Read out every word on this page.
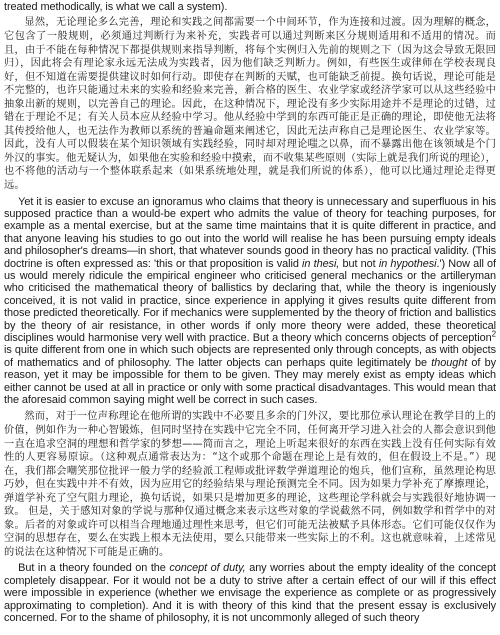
treated methodically, is what we call a system).

显然，无论理论多么完善，理论和实践之间都需要一个中间环节，作为连接和过渡。因为理解的概念，它包含了一般规则，必须通过判断行为来补充，实践者可以通过判断来区分规则适用和不适用的情况。而且，由于不能在每种情况下都提供规则来指导判断，将每个实例归入先前的规则之下（因为这会导致无限回归），因此将会有理论家永远无法成为实践者，因为他们缺乏判断力。例如，有些医生或律师在学校表现良好，但不知道在需要提供建议时如何行动。即使存在判断的天赋，也可能缺乏前提。换句话说，理论可能是不完整的，也许只能通过未来的实验和经验来完善，新合格的医生、农业学家或经济学家可以从这些经验中抽象出新的规则，以完善自己的理论。因此，在这种情况下，理论没有多少实际用途并不是理论的过错，过错在于理论不足；有关人员本应从经验中学习。他从经验中学到的东西可能正是正确的理论，即使他无法将其传授给他人，也无法作为教师以系统的普遍命题来阐述它，因此无法声称自己是理论医生、农业学家等。因此，没有人可以假装在某个知识领域有实践经验，同时却对理论嗤之以鼻，而不暴露出他在该领域是个门外汉的事实。他无疑认为，如果他在实验和经验中摸索，而不收集某些原则（实际上就是我们所说的理论），也不将他的活动与一个整体联系起来（如果系统地处理，就是我们所说的体系），他可以比通过理论走得更远。

Yet it is easier to excuse an ignoramus who claims that theory is unnecessary and superfluous in his supposed practice than a would-be expert who admits the value of theory for teaching purposes, for example as a mental exercise, but at the same time maintains that it is quite different in practice, and that anyone leaving his studies to go out into the world will realise he has been pursuing empty ideals and philosopher's dreams—in short, that whatever sounds good in theory has no practical validity. (This doctrine is often expressed as: 'this or that proposition is valid in thesi, but not in hypothesi.') Now all of us would merely ridicule the empirical engineer who criticised general mechanics or the artilleryman who criticised the mathematical theory of ballistics by declaring that, while the theory is ingeniously conceived, it is not valid in practice, since experience in applying it gives results quite different from those predicted theoretically. For if mechanics were supplemented by the theory of friction and ballistics by the theory of air resistance, in other words if only more theory were added, these theoretical disciplines would harmonise very well with practice. But a theory which concerns objects of perception$^2$ is quite different from one in which such objects are represented only through concepts, as with objects of mathematics and of philosophy. The latter objects can perhaps quite legitimately be thought of by reason, yet it may be impossible for them to be given. They may merely exist as empty ideas which either cannot be used at all in practice or only with some practical disadvantages. This would mean that the aforesaid common saying might well be correct in such cases.

然而，对于一位声称理论在他所谓的实践中不必要且多余的门外汉，要比那位承认理论在教学目的上的价值，例如作为一种心智锻炼，但同时坚持在实践中它完全不同，任何离开学习进入社会的人都会意识到他一直在追求空洞的理想和哲学家的梦想——简而言之，理论上听起来很好的东西在实践上没有任何实际有效性的人更容易原谅。（这种观点通常表达为：“这个或那个命题在理论上是有效的，但在假设上不是。”）现在，我们都会嘲笑那位批评一般力学的经验派工程师或批评数学弹道理论的炮兵，他们宣称，虽然理论构思巧妙，但在实践中并不有效，因为应用它的经验结果与理论预测完全不同。因为如果力学补充了摩擦理论，弹道学补充了空气阻力理论，换句话说，如果只是增加更多的理论，这些理论学科就会与实践很好地协调一致。 但是，关于感知对象的学说与那种仅通过概念来表示这些对象的学说截然不同，例如数学和哲学中的对象。后者的对象或许可以相当合理地通过理性来思考，但它们可能无法被赋予具体形态。它们可能仅仅作为空洞的思想存在，要么在实践上根本无法使用，要么只能带来一些实际上的不利。这也就意味着，上述常见的说法在这种情况下可能是正确的。

But in a theory founded on the concept of duty, any worries about the empty ideality of the concept completely disappear. For it would not be a duty to strive after a certain effect of our will if this effect were impossible in experience (whether we envisage the experience as complete or as progressively approximating to completion). And it is with theory of this kind that the present essay is exclusively concerned. For to the shame of philosophy, it is not uncommonly alleged of such theory
